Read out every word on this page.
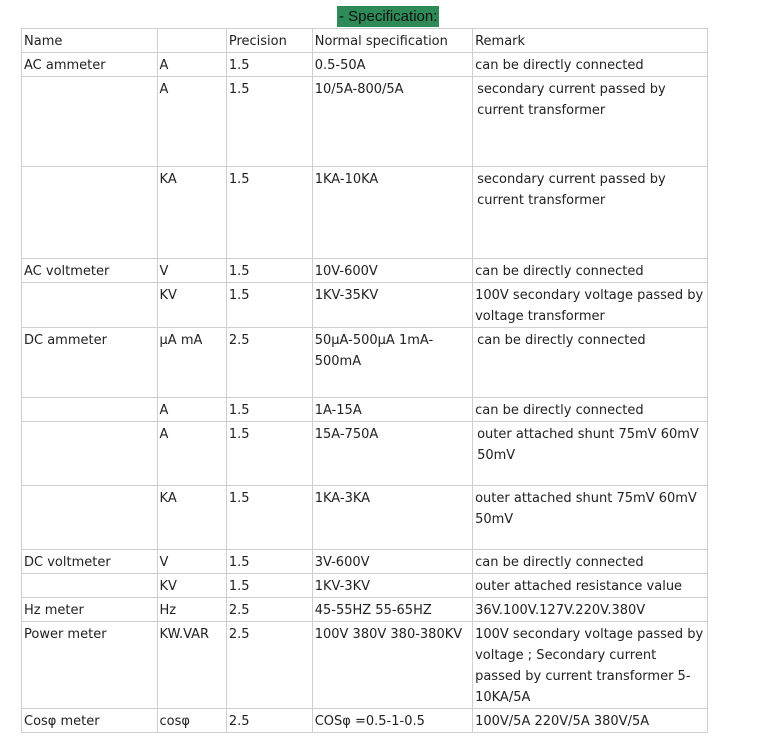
- Specification:
Name		Precision	Normal specification	Remark
AC ammeter	A	1.5	0.5-50A	can be directly connected
	A	1.5	10/5A-800/5A	secondary current passed by current transformer
	KA	1.5	1KA-10KA	secondary current passed by current transformer
AC voltmeter	V	1.5	10V-600V	can be directly connected
	KV	1.5	1KV-35KV	100V secondary voltage passed by voltage transformer
DC ammeter	μA mA	2.5	50μA-500μA 1mA-500mA	can be directly connected
	A	1.5	1A-15A	can be directly connected
	A	1.5	15A-750A	outer attached shunt 75mV 60mV 50mV
	KA	1.5	1KA-3KA	outer attached shunt 75mV 60mV 50mV
DC voltmeter	V	1.5	3V-600V	can be directly connected
	KV	1.5	1KV-3KV	outer attached resistance value
Hz meter	Hz	2.5	45-55HZ 55-65HZ	36V.100V.127V.220V.380V
Power meter	KW.VAR	2.5	100V 380V 380-380KV	100V secondary voltage passed by voltage ; Secondary current passed by current transformer 5-10KA/5A
Cosφ meter	cosφ	2.5	COSφ =0.5-1-0.5	100V/5A 220V/5A 380V/5A
